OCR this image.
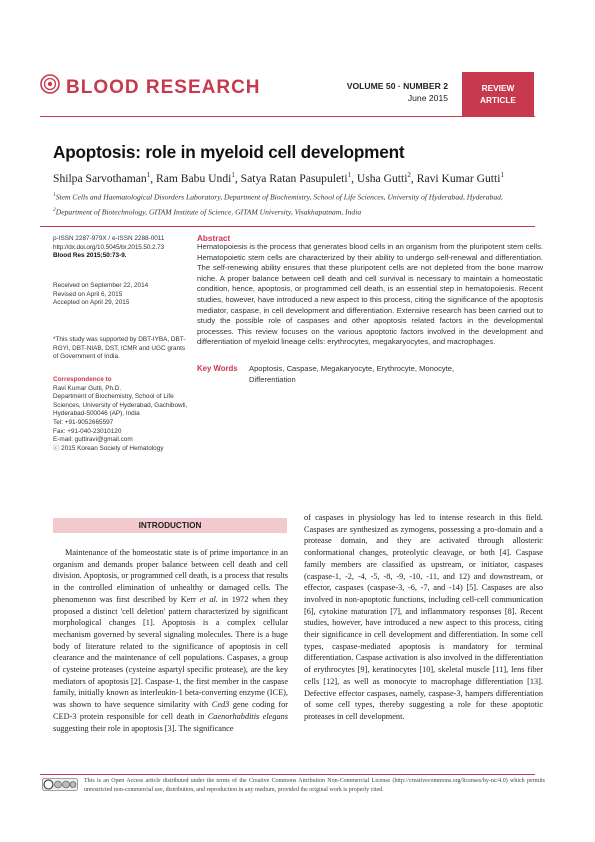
BLOOD RESEARCH	VOLUME 50 · NUMBER 2
June 2015
REVIEW
ARTICLE
Apoptosis: role in myeloid cell development
Shilpa Sarvothaman$^1$, Ram Babu Undi$^1$, Satya Ratan Pasupuleti$^1$, Usha Gutti$^2$, Ravi Kumar Gutti$^1$
$^1$Stem Cells and Haematological Disorders Laboratory, Department of Biochemistry, School of Life Sciences, University of Hyderabad, Hyderabad, $^2$Department of Biotechnology, GITAM Institute of Science, GITAM University, Visakhapatnam, India
p-ISSN 2287-979X / e-ISSN 2288-0011
http://dx.doi.org/10.5045/br.2015.50.2.73
Blood Res 2015;50:73-9.
Received on September 22, 2014
Revised on April 6, 2015
Accepted on April 29, 2015
*This study was supported by DBT-IYBA, DBT-RGYI, DBT-NIAB, DST, ICMR and UGC grants of Government of India.
Correspondence to
Ravi Kumar Gutti, Ph.D.
Department of Biochemistry, School of Life Sciences, University of Hyderabad, Gachibowli, Hyderabad-500046 (AP), India
Tel: +91-9052665597
Fax: +91-040-23010120
E-mail: guttiravi@gmail.com
ⓒ 2015 Korean Society of Hematology
Abstract
Hematopoiesis is the process that generates blood cells in an organism from the pluripotent stem cells. Hematopoietic stem cells are characterized by their ability to undergo self-renewal and differentiation. The self-renewing ability ensures that these pluripotent cells are not depleted from the bone marrow niche. A proper balance between cell death and cell survival is necessary to maintain a homeostatic condition, hence, apoptosis, or programmed cell death, is an essential step in hematopoiesis. Recent studies, however, have introduced a new aspect to this process, citing the significance of the apoptosis mediator, caspase, in cell development and differentiation. Extensive research has been carried out to study the possible role of caspases and other apoptosis related factors in the developmental processes. This review focuses on the various apoptotic factors involved in the development and differentiation of myeloid lineage cells: erythrocytes, megakaryocytes, and macrophages.
Key Words Apoptosis, Caspase, Megakaryocyte, Erythrocyte, Monocyte, Differentiation
INTRODUCTION
Maintenance of the homeostatic state is of prime importance in an organism and demands proper balance between cell death and cell division. Apoptosis, or programmed cell death, is a process that results in the controlled elimination of unhealthy or damaged cells. The phenomenon was first described by Kerr et al. in 1972 when they proposed a distinct 'cell deletion' pattern characterized by significant morphological changes [1]. Apoptosis is a complex cellular mechanism governed by several signaling molecules. There is a huge body of literature related to the significance of apoptosis in cell clearance and the maintenance of cell populations. Caspases, a group of cysteine proteases (cysteine aspartyl specific protease), are the key mediators of apoptosis [2]. Caspase-1, the first member in the caspase family, initially known as interleukin-1 beta-converting enzyme (ICE), was shown to have sequence similarity with Ced3 gene coding for CED-3 protein responsible for cell death in Caenorhabditis elegans suggesting their role in apoptosis [3]. The significance
of caspases in physiology has led to intense research in this field. Caspases are synthesized as zymogens, possessing a pro-domain and a protease domain, and they are activated through allosteric conformational changes, proteolytic cleavage, or both [4]. Caspase family members are classified as upstream, or initiator, caspases (caspase-1, -2, -4, -5, -8, -9, -10, -11, and 12) and downstream, or effector, caspases (caspase-3, -6, -7, and -14) [5]. Caspases are also involved in non-apoptotic functions, including cell-cell communication [6], cytokine maturation [7], and inflammatory responses [8]. Recent studies, however, have introduced a new aspect to this process, citing their significance in cell development and differentiation. In some cell types, caspase-mediated apoptosis is mandatory for terminal differentiation. Caspase activation is also involved in the differentiation of erythrocytes [9], keratinocytes [10], skeletal muscle [11], lens fiber cells [12], as well as monocyte to macrophage differentiation [13]. Defective effector caspases, namely, caspase-3, hampers differentiation of some cell types, thereby suggesting a role for these apoptotic proteases in cell development.
This is an Open Access article distributed under the terms of the Creative Commons Attribution Non-Commercial License (http://creativecommons.org/licenses/by-nc/4.0) which permits unrestricted non-commercial use, distribution, and reproduction in any medium, provided the original work is properly cited.
